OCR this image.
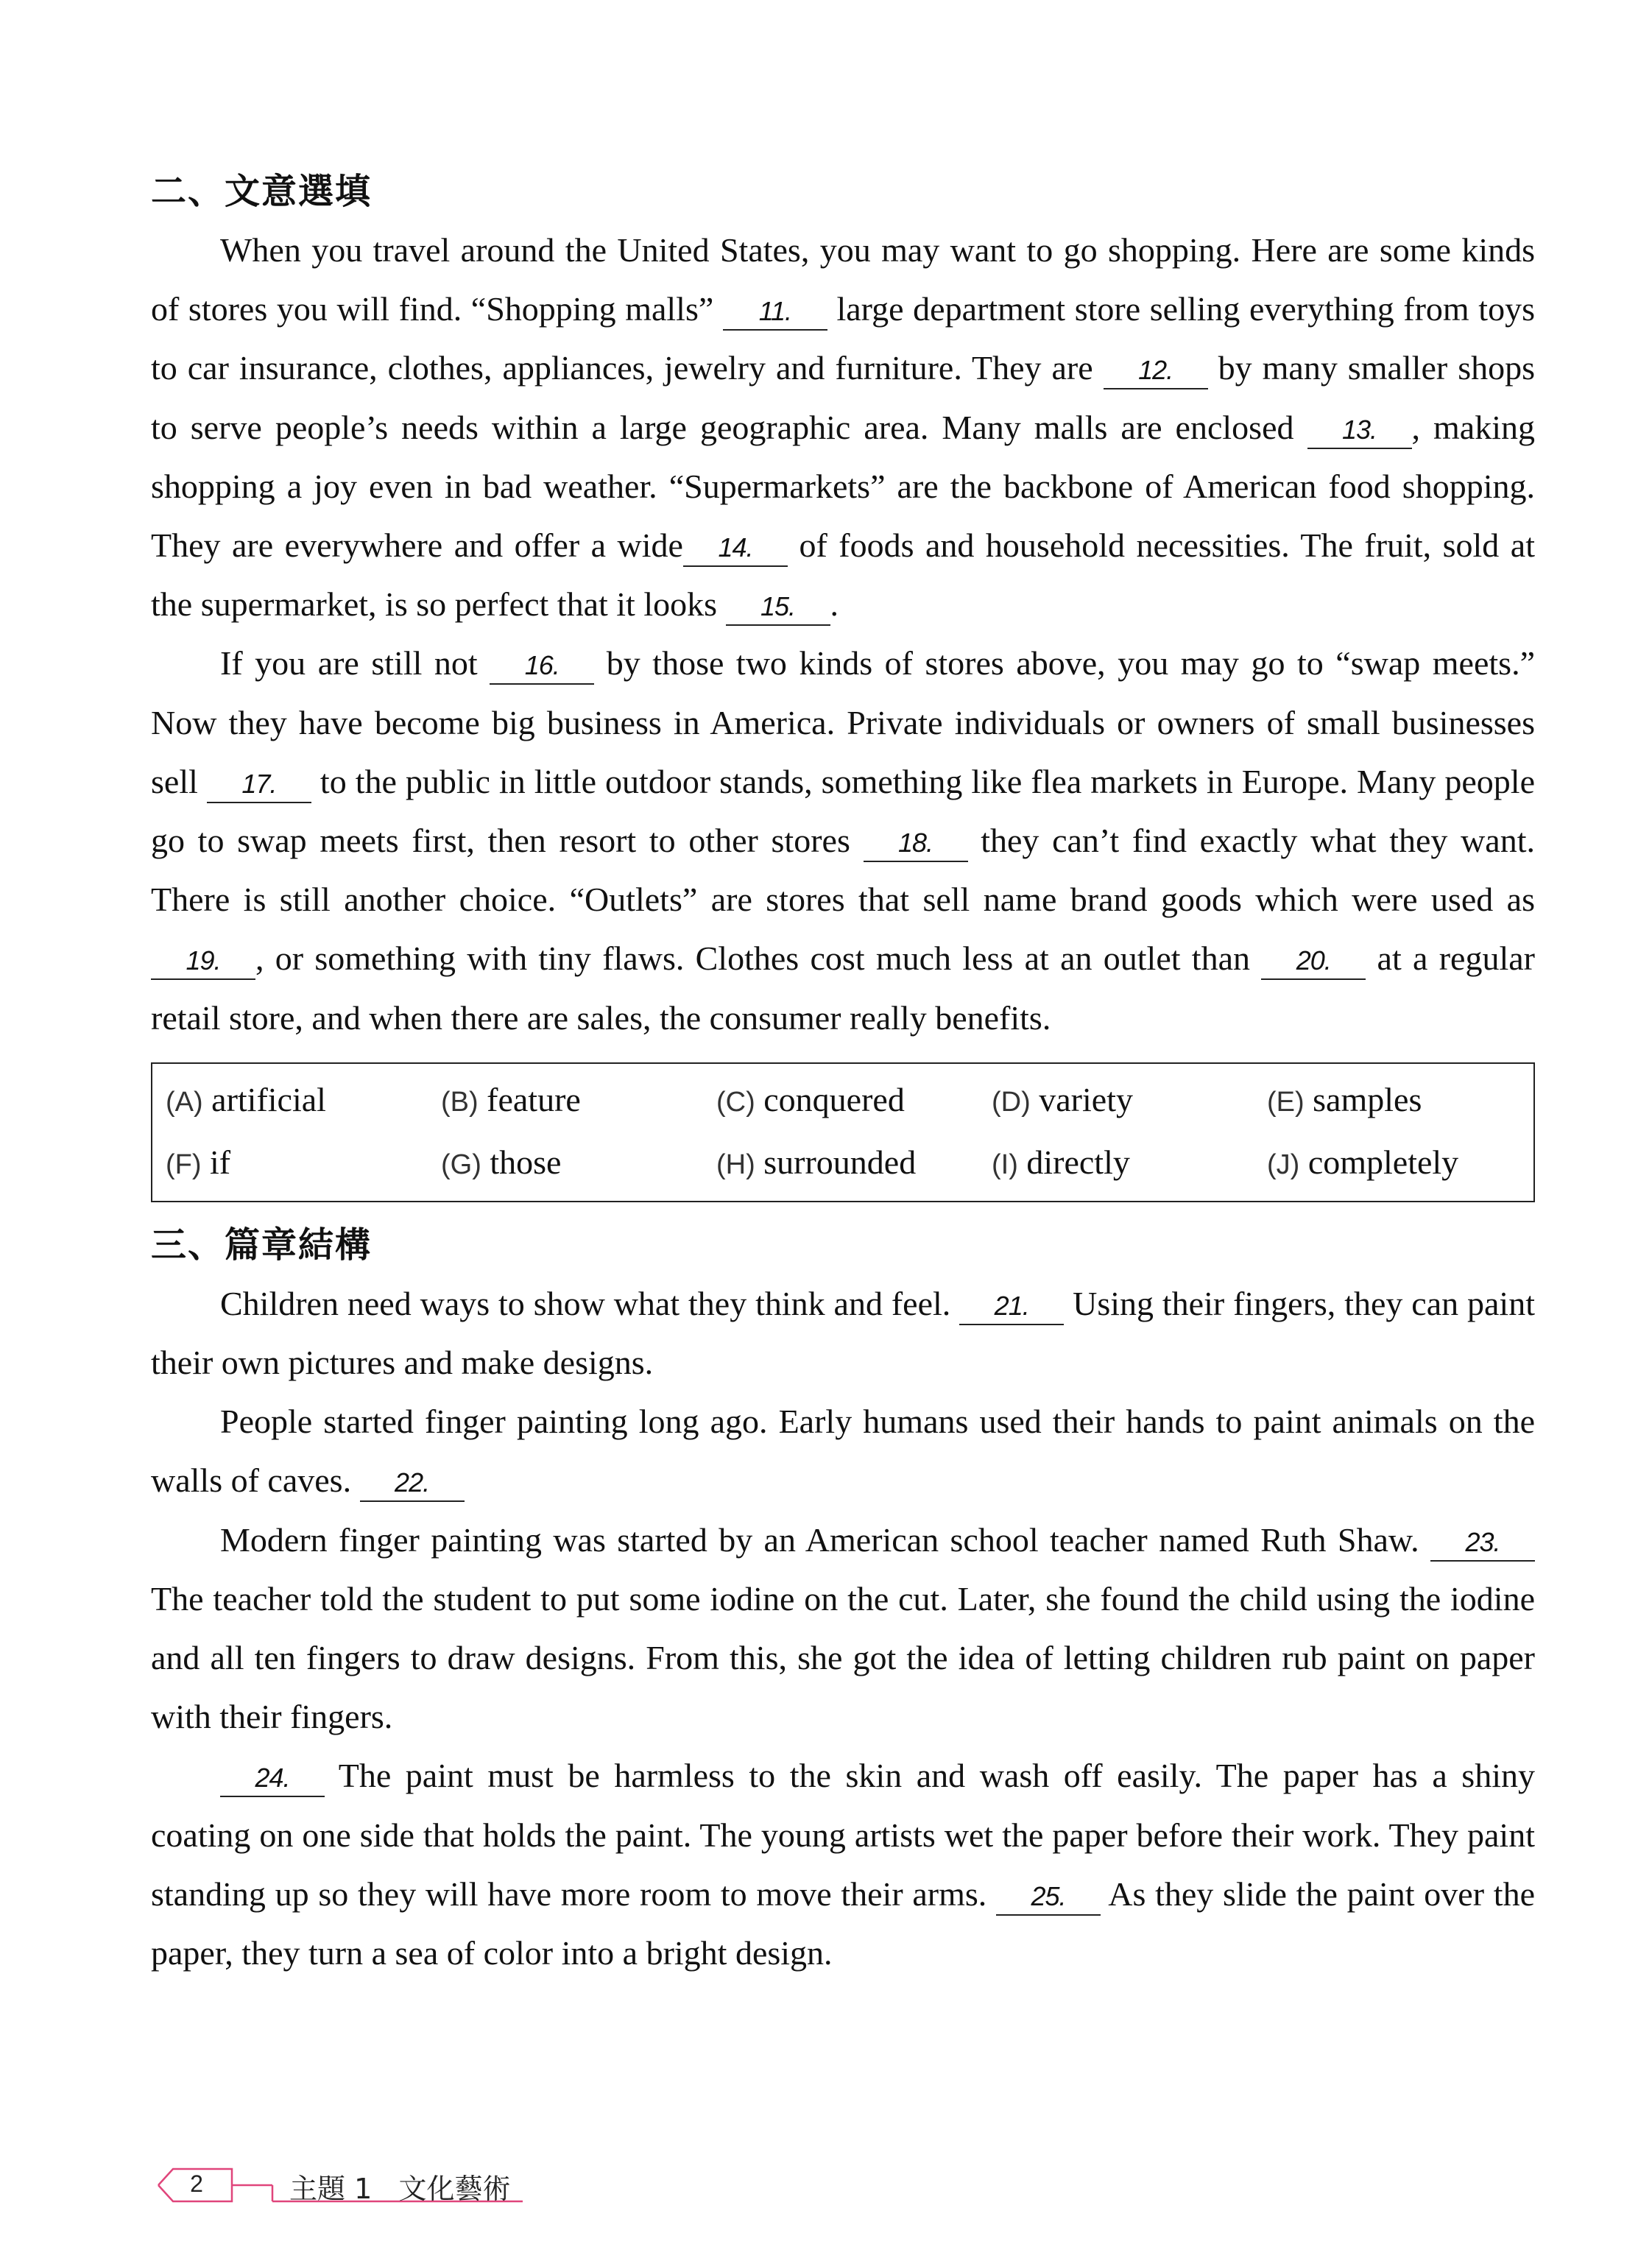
二、文意選填

When you travel around the United States, you may want to go shopping. Here are some kinds of stores you will find. “Shopping malls” 11. large department store selling everything from toys to car insurance, clothes, appliances, jewelry and furniture. They are 12. by many smaller shops to serve people’s needs within a large geographic area. Many malls are enclosed 13. , making shopping a joy even in bad weather. “Supermarkets” are the backbone of American food shopping. They are everywhere and offer a wide 14. of foods and household necessities. The fruit, sold at the supermarket, is so perfect that it looks 15. .

If you are still not 16. by those two kinds of stores above, you may go to “swap meets.” Now they have become big business in America. Private individuals or owners of small businesses sell 17. to the public in little outdoor stands, something like flea markets in Europe. Many people go to swap meets first, then resort to other stores 18. they can’t find exactly what they want. There is still another choice. “Outlets” are stores that sell name brand goods which were used as 19. , or something with tiny flaws. Clothes cost much less at an outlet than 20. at a regular retail store, and when there are sales, the consumer really benefits.

(A) artificial	(B) feature	(C) conquered	(D) variety	(E) samples
(F) if	(G) those	(H) surrounded	(I) directly	(J) completely
三、篇章結構

Children need ways to show what they think and feel. 21. Using their fingers, they can paint their own pictures and make designs.

People started finger painting long ago. Early humans used their hands to paint animals on the walls of caves. 22.

Modern finger painting was started by an American school teacher named Ruth Shaw. 23. The teacher told the student to put some iodine on the cut. Later, she found the child using the iodine and all ten fingers to draw designs. From this, she got the idea of letting children rub paint on paper with their fingers.

24. The paint must be harmless to the skin and wash off easily. The paper has a shiny coating on one side that holds the paint. The young artists wet the paper before their work. They paint standing up so they will have more room to move their arms. 25. As they slide the paint over the paper, they turn a sea of color into a bright design.

2	主題 1   文化藝術
